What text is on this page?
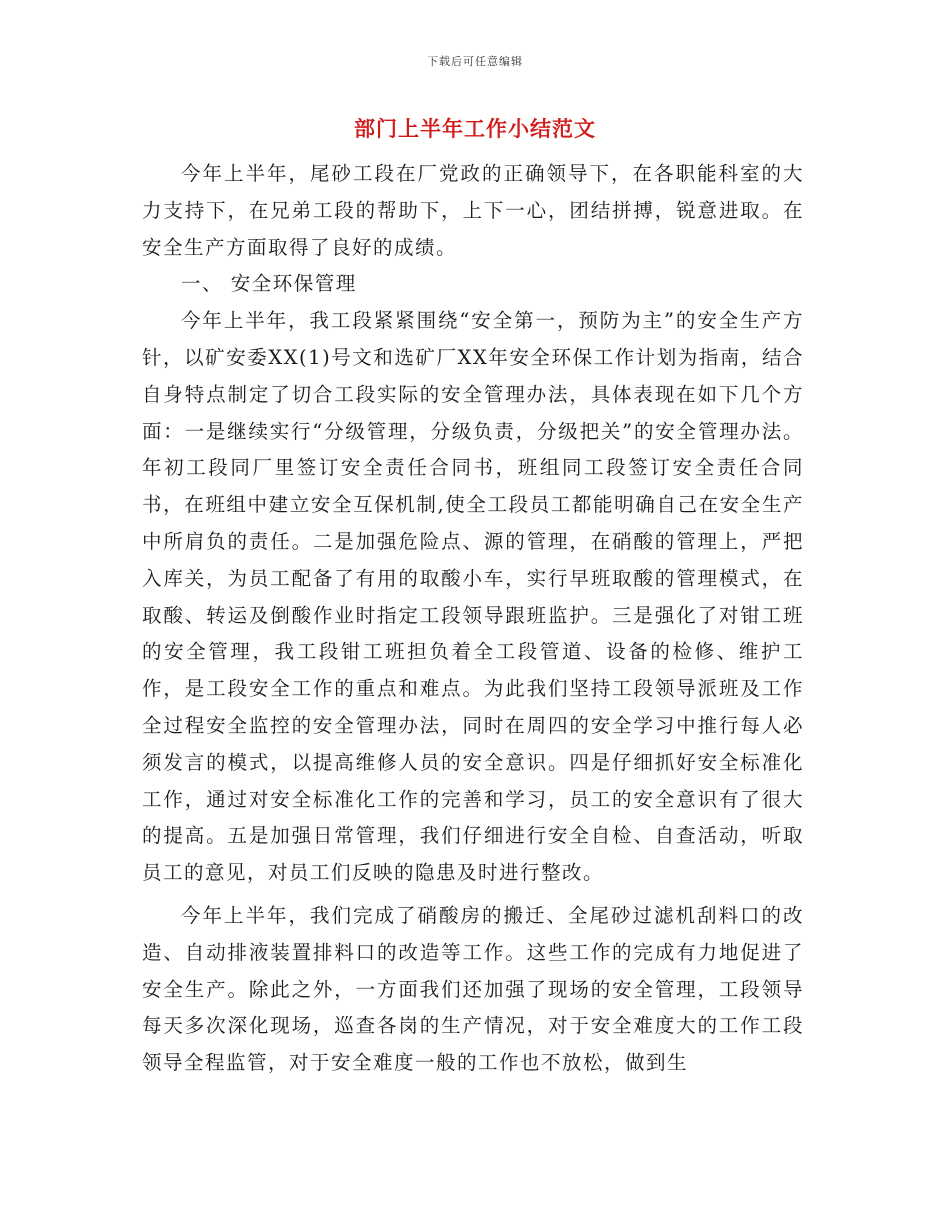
下载后可任意编辑
部门上半年工作小结范文

今年上半年，尾砂工段在厂党政的正确领导下，在各职能科室的大力支持下，在兄弟工段的帮助下，上下一心，团结拼搏，锐意进取。在安全生产方面取得了良好的成绩。

一、 安全环保管理

今年上半年，我工段紧紧围绕“安全第一，预防为主”的安全生产方针，以矿安委XX(1)号文和选矿厂XX年安全环保工作计划为指南，结合自身特点制定了切合工段实际的安全管理办法，具体表现在如下几个方面：一是继续实行“分级管理，分级负责，分级把关”的安全管理办法。年初工段同厂里签订安全责任合同书，班组同工段签订安全责任合同书，在班组中建立安全互保机制,使全工段员工都能明确自己在安全生产中所肩负的责任。二是加强危险点、源的管理，在硝酸的管理上，严把入库关，为员工配备了有用的取酸小车，实行早班取酸的管理模式，在取酸、转运及倒酸作业时指定工段领导跟班监护。三是强化了对钳工班的安全管理，我工段钳工班担负着全工段管道、设备的检修、维护工作，是工段安全工作的重点和难点。为此我们坚持工段领导派班及工作全过程安全监控的安全管理办法，同时在周四的安全学习中推行每人必须发言的模式，以提高维修人员的安全意识。四是仔细抓好安全标准化工作，通过对安全标准化工作的完善和学习，员工的安全意识有了很大的提高。五是加强日常管理，我们仔细进行安全自检、自查活动，听取员工的意见，对员工们反映的隐患及时进行整改。

今年上半年，我们完成了硝酸房的搬迁、全尾砂过滤机刮料口的改造、自动排液装置排料口的改造等工作。这些工作的完成有力地促进了安全生产。除此之外，一方面我们还加强了现场的安全管理，工段领导每天多次深化现场，巡查各岗的生产情况，对于安全难度大的工作工段领导全程监管，对于安全难度一般的工作也不放松，做到生
